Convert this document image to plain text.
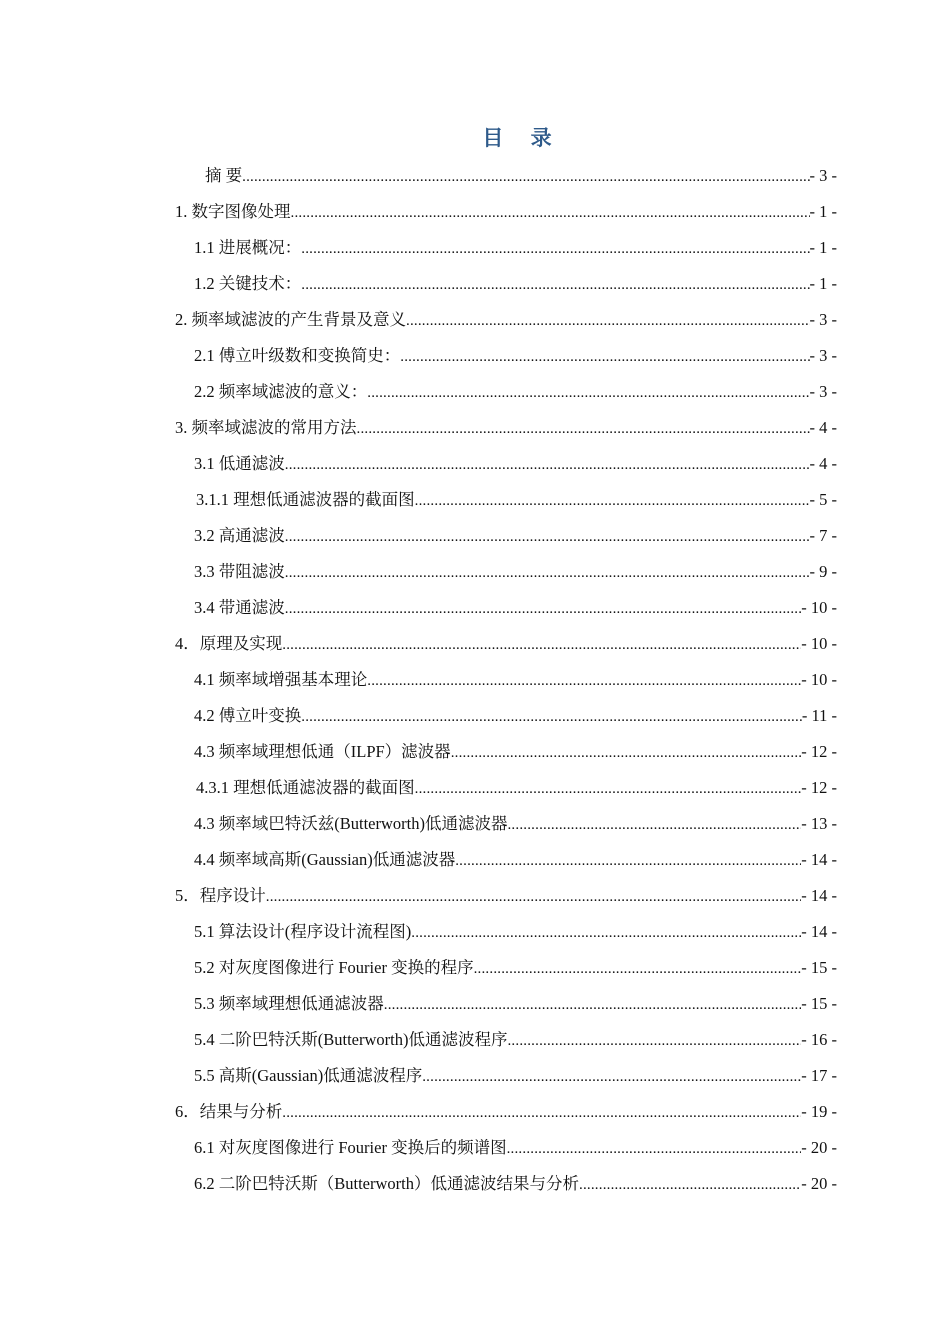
目 录
摘 要 .....	- 3 -
1. 数字图像处理 .....	- 1 -
1.1 进展概况： .....	- 1 -
1.2 关键技术： .....	- 1 -
2. 频率域滤波的产生背景及意义 .....	- 3 -
2.1 傅立叶级数和变换简史： .....	- 3 -
2.2 频率域滤波的意义： .....	- 3 -
3. 频率域滤波的常用方法 .....	- 4 -
3.1 低通滤波 .....	- 4 -
3.1.1 理想低通滤波器的截面图 .....	- 5 -
3.2 高通滤波 .....	- 7 -
3.3 带阻滤波 .....	- 9 -
3.4 带通滤波 .....	- 10 -
4．原理及实现 .....	- 10 -
4.1 频率域增强基本理论 .....	- 10 -
4.2 傅立叶变换 .....	- 11 -
4.3 频率域理想低通（ILPF）滤波器 .....	- 12 -
4.3.1 理想低通滤波器的截面图 .....	- 12 -
4.3 频率域巴特沃兹(Butterworth)低通滤波器 .....	- 13 -
4.4 频率域高斯(Gaussian)低通滤波器 .....	- 14 -
5．程序设计 .....	- 14 -
5.1 算法设计(程序设计流程图) .....	- 14 -
5.2 对灰度图像进行 Fourier 变换的程序 .....	- 15 -
5.3 频率域理想低通滤波器 .....	- 15 -
5.4 二阶巴特沃斯(Butterworth)低通滤波程序 .....	- 16 -
5.5 高斯(Gaussian)低通滤波程序 .....	- 17 -
6．结果与分析 .....	- 19 -
6.1 对灰度图像进行 Fourier 变换后的频谱图 .....	- 20 -
6.2 二阶巴特沃斯（Butterworth）低通滤波结果与分析 .....	- 20 -
